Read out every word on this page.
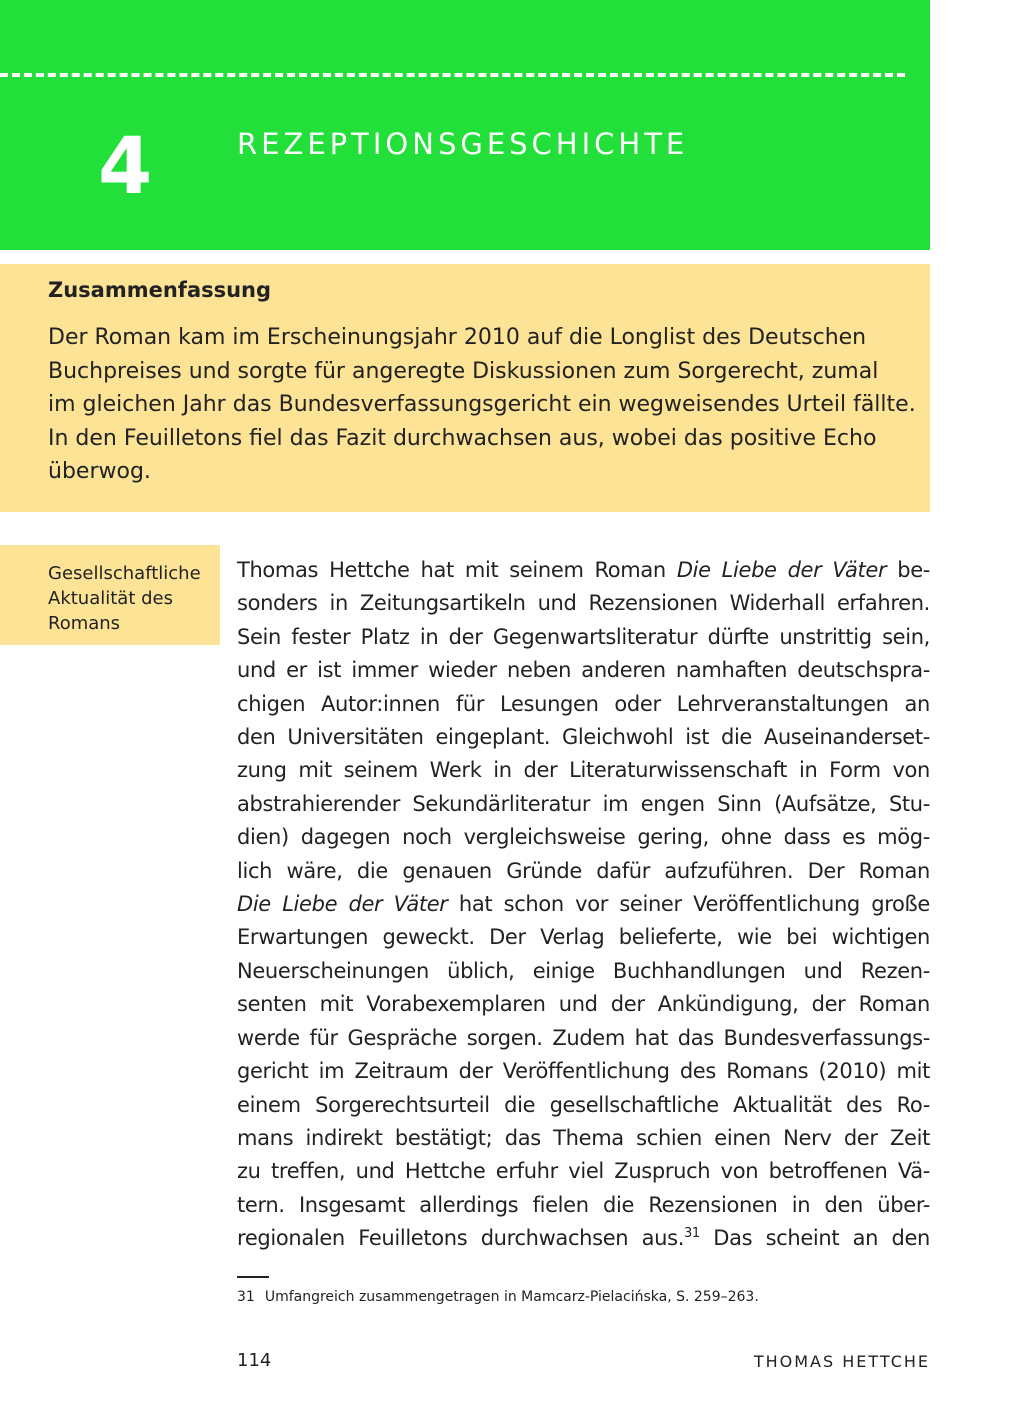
4	REZEPTIONSGESCHICHTE
Zusammenfassung

Der Roman kam im Erscheinungsjahr 2010 auf die Longlist des Deutschen
Buchpreises und sorgte für angeregte Diskussionen zum Sorgerecht, zumal
im gleichen Jahr das Bundesverfassungsgericht ein wegweisendes Urteil fällte.
In den Feuilletons fiel das Fazit durchwachsen aus, wobei das positive Echo
überwog.

Gesellschaftliche
Aktualität des
Romans
Thomas Hettche hat mit seinem Roman Die Liebe der Väter be-
sonders in Zeitungsartikeln und Rezensionen Widerhall erfahren.
Sein fester Platz in der Gegenwartsliteratur dürfte unstrittig sein,
und er ist immer wieder neben anderen namhaften deutschspra-
chigen Autor:innen für Lesungen oder Lehrveranstaltungen an
den Universitäten eingeplant. Gleichwohl ist die Auseinanderset-
zung mit seinem Werk in der Literaturwissenschaft in Form von
abstrahierender Sekundärliteratur im engen Sinn (Aufsätze, Stu-
dien) dagegen noch vergleichsweise gering, ohne dass es mög-
lich wäre, die genauen Gründe dafür aufzuführen. Der Roman
Die Liebe der Väter hat schon vor seiner Veröffentlichung große
Erwartungen geweckt. Der Verlag belieferte, wie bei wichtigen
Neuerscheinungen üblich, einige Buchhandlungen und Rezen-
senten mit Vorabexemplaren und der Ankündigung, der Roman
werde für Gespräche sorgen. Zudem hat das Bundesverfassungs-
gericht im Zeitraum der Veröffentlichung des Romans (2010) mit
einem Sorgerechtsurteil die gesellschaftliche Aktualität des Ro-
mans indirekt bestätigt; das Thema schien einen Nerv der Zeit
zu treffen, und Hettche erfuhr viel Zuspruch von betroffenen Vä-
tern. Insgesamt allerdings fielen die Rezensionen in den über-
regionalen Feuilletons durchwachsen aus.$^{31}$ Das scheint an den
31 Umfangreich zusammengetragen in Mamcarz-Pielacińska, S. 259–263.
114	THOMAS HETTCHE
